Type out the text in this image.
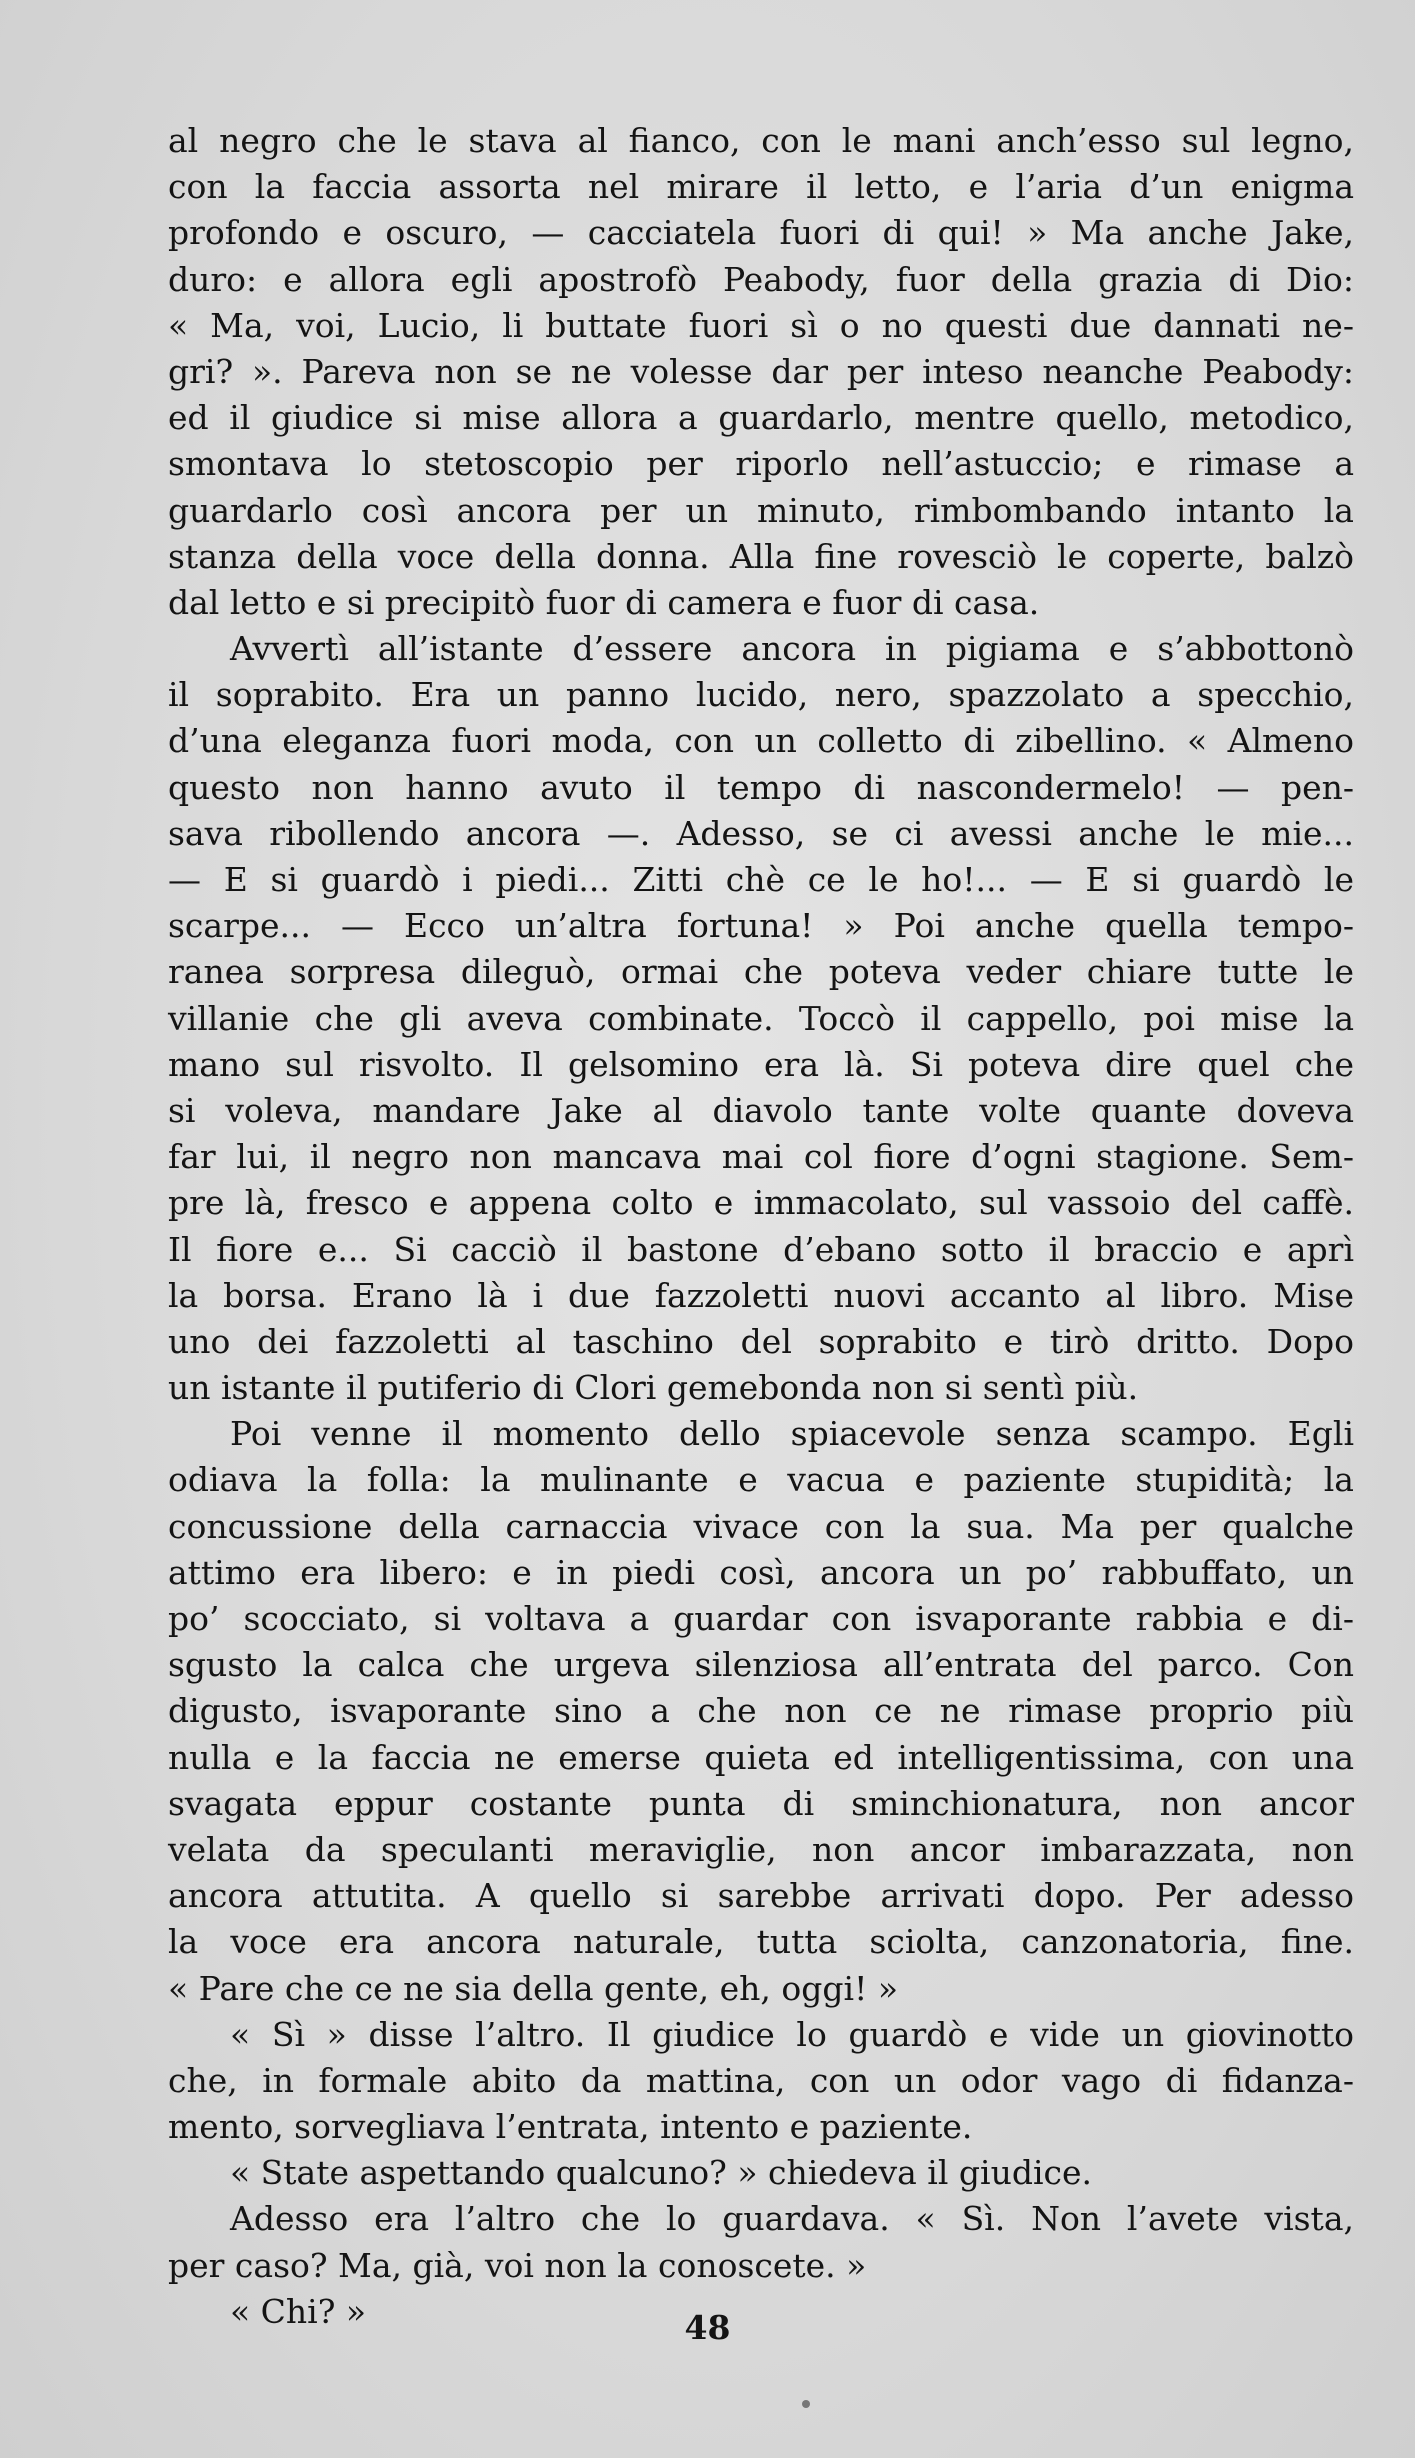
al negro che le stava al fianco, con le mani anch’esso sul legno,
con la faccia assorta nel mirare il letto, e l’aria d’un enigma
profondo e oscuro, — cacciatela fuori di qui! » Ma anche Jake,
duro: e allora egli apostrofò Peabody, fuor della grazia di Dio:
« Ma, voi, Lucio, li buttate fuori sì o no questi due dannati ne-
gri? ». Pareva non se ne volesse dar per inteso neanche Peabody:
ed il giudice si mise allora a guardarlo, mentre quello, metodico,
smontava lo stetoscopio per riporlo nell’astuccio; e rimase a
guardarlo così ancora per un minuto, rimbombando intanto la
stanza della voce della donna. Alla fine rovesciò le coperte, balzò
dal letto e si precipitò fuor di camera e fuor di casa.
Avvertì all’istante d’essere ancora in pigiama e s’abbottonò
il soprabito. Era un panno lucido, nero, spazzolato a specchio,
d’una eleganza fuori moda, con un colletto di zibellino. « Almeno
questo non hanno avuto il tempo di nascondermelo! — pen-
sava ribollendo ancora —. Adesso, se ci avessi anche le mie...
— E si guardò i piedi... Zitti chè ce le ho!... — E si guardò le
scarpe... — Ecco un’altra fortuna! » Poi anche quella tempo-
ranea sorpresa dileguò, ormai che poteva veder chiare tutte le
villanie che gli aveva combinate. Toccò il cappello, poi mise la
mano sul risvolto. Il gelsomino era là. Si poteva dire quel che
si voleva, mandare Jake al diavolo tante volte quante doveva
far lui, il negro non mancava mai col fiore d’ogni stagione. Sem-
pre là, fresco e appena colto e immacolato, sul vassoio del caffè.
Il fiore e... Si cacciò il bastone d’ebano sotto il braccio e aprì
la borsa. Erano là i due fazzoletti nuovi accanto al libro. Mise
uno dei fazzoletti al taschino del soprabito e tirò dritto. Dopo
un istante il putiferio di Clori gemebonda non si sentì più.
Poi venne il momento dello spiacevole senza scampo. Egli
odiava la folla: la mulinante e vacua e paziente stupidità; la
concussione della carnaccia vivace con la sua. Ma per qualche
attimo era libero: e in piedi così, ancora un po’ rabbuffato, un
po’ scocciato, si voltava a guardar con isvaporante rabbia e di-
sgusto la calca che urgeva silenziosa all’entrata del parco. Con
digusto, isvaporante sino a che non ce ne rimase proprio più
nulla e la faccia ne emerse quieta ed intelligentissima, con una
svagata eppur costante punta di sminchionatura, non ancor
velata da speculanti meraviglie, non ancor imbarazzata, non
ancora attutita. A quello si sarebbe arrivati dopo. Per adesso
la voce era ancora naturale, tutta sciolta, canzonatoria, fine.
« Pare che ce ne sia della gente, eh, oggi! »
« Sì » disse l’altro. Il giudice lo guardò e vide un giovinotto
che, in formale abito da mattina, con un odor vago di fidanza-
mento, sorvegliava l’entrata, intento e paziente.
« State aspettando qualcuno? » chiedeva il giudice.
Adesso era l’altro che lo guardava. « Sì. Non l’avete vista,
per caso? Ma, già, voi non la conoscete. »
« Chi? »	48
